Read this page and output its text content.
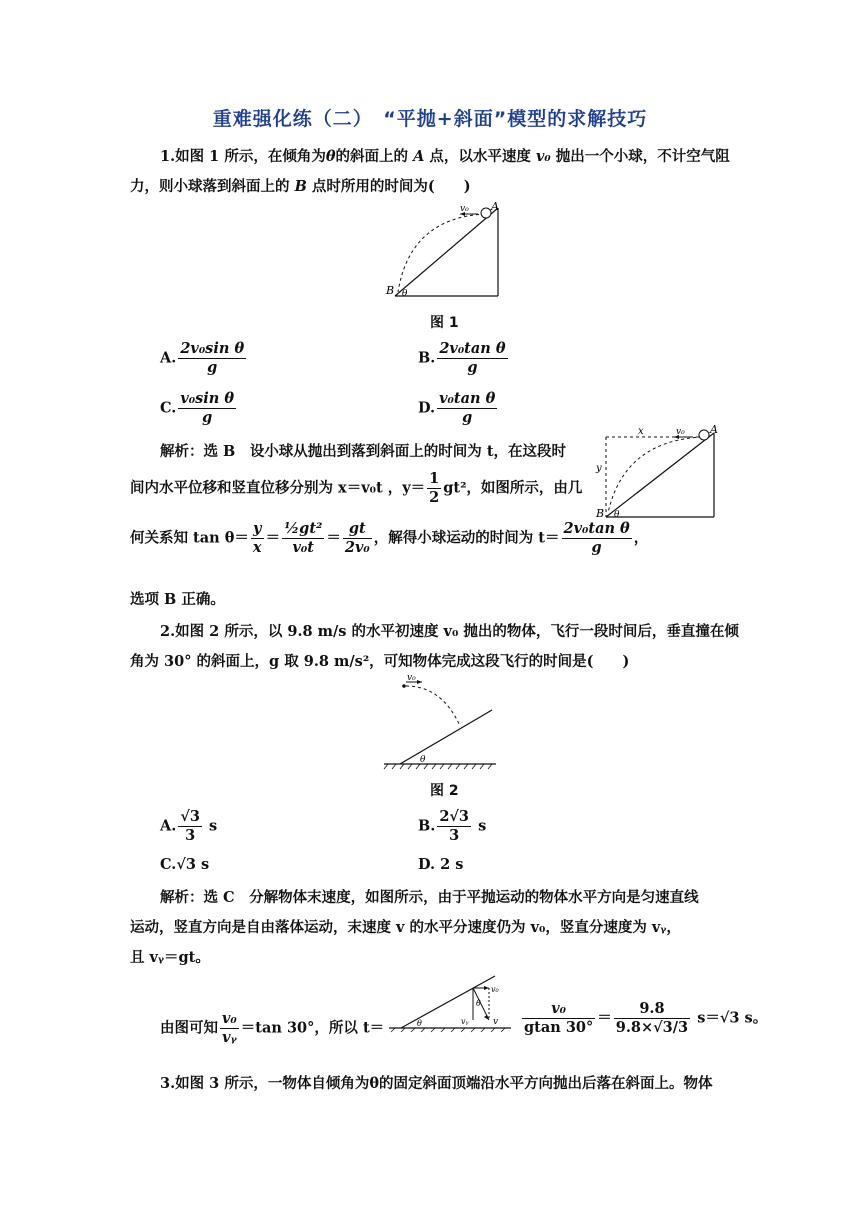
重难强化练（二）　“平抛+斜面”模型的求解技巧
1.如图 1 所示，在倾角为θ的斜面上的 A 点，以水平速度 v₀ 抛出一个小球，不计空气阻
力，则小球落到斜面上的 B 点时所用的时间为(　　)
v₀ A
B θ
图 1
A. $\frac{\text{2v₀sin θ}}{g}$	B. $\frac{\text{2v₀tan θ}}{g}$
C. $\frac{\text{v₀sin θ}}{g}$	D. $\frac{\text{v₀tan θ}}{g}$
解析：选 B　 设小球从抛出到落到斜面上的时间为 t，在这段时
间内水平位移和竖直位移分别为 x＝v₀t ，$y= \frac{1}{2} gt^2$，如图所示，由几
何关系知 $\tan \theta= \frac{y}{x} = \frac{\text{½gt²}}{\text{v₀t}} = \frac{gt}{\text{2v₀}}$ ，解得小球运动的时间为 $t= \frac{\text{2v₀tan θ}}{g}$ ，
选项 B 正确。
v₀ A
x
y
B θ
2.如图 2 所示，以 9.8 m/s 的水平初速度 v₀ 抛出的物体，飞行一段时间后，垂直撞在倾
角为 30° 的斜面上，g 取 9.8 m/s²，可知物体完成这段飞行的时间是(　　)
v₀
θ
图 2
A. $\frac{√3}{3}$ s	B. $\frac{2√3}{3}$ s
C.√3 s	D. 2 s
解析：选 C　 分解物体末速度，如图所示，由于平抛运动的物体水平方向是匀速直线
运动，竖直方向是自由落体运动，末速度 v 的水平分速度仍为 v₀，竖直分速度为 vᵧ，
且 vᵧ＝gt。
由图可知 $\frac{\text{v₀}}{\text{vᵧ}} =\tan$ 30°，所以 t＝
v₀
v
vᵧ
θ
θ	$\frac{\text{v₀}}{gtan 30^\circ} = \frac{9.8}{9.8\times√3/3} s=√3$ s。
3.如图 3 所示，一物体自倾角为θ的固定斜面顶端沿水平方向抛出后落在斜面上。物体
